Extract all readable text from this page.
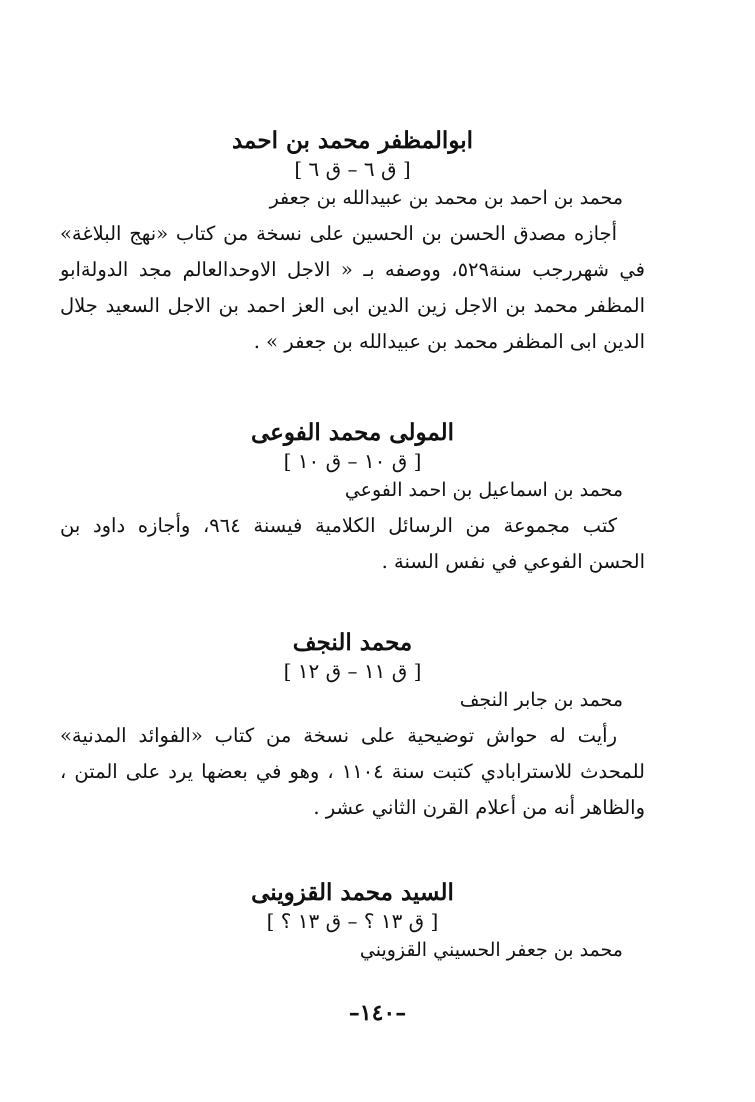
ابوالمظفر محمد بن احمد
[ ق ٦ – ق ٦ ]
محمد بن احمد بن محمد بن عبيدالله بن جعفر
أجازه مصدق الحسن بن الحسين على نسخة من كتاب «نهج البلاغة» في شهررجب سنة٥٢٩، ووصفه بـ « الاجل الاوحدالعالم مجد الدولةابو المظفر محمد بن الاجل زين الدين ابى العز احمد بن الاجل السعيد جلال الدين ابى المظفر محمد بن عبيدالله بن جعفر » .
المولى محمد الفوعى
[ ق ١٠ – ق ١٠ ]
محمد بن اسماعيل بن احمد الفوعي
كتب مجموعة من الرسائل الكلامية فيسنة ٩٦٤، وأجازه داود بن الحسن الفوعي في نفس السنة .
محمد النجف
[ ق ١١ – ق ١٢ ]
محمد بن جابر النجف
رأيت له حواش توضيحية على نسخة من كتاب «الفوائد المدنية» للمحدث للاسترابادي كتبت سنة ١١٠٤ ، وهو في بعضها يرد على المتن ، والظاهر أنه من أعلام القرن الثاني عشر .
السيد محمد القزوينى
[ ق ١٣ ؟ – ق ١٣ ؟ ]
محمد بن جعفر الحسيني القزويني
–١٤٠–
